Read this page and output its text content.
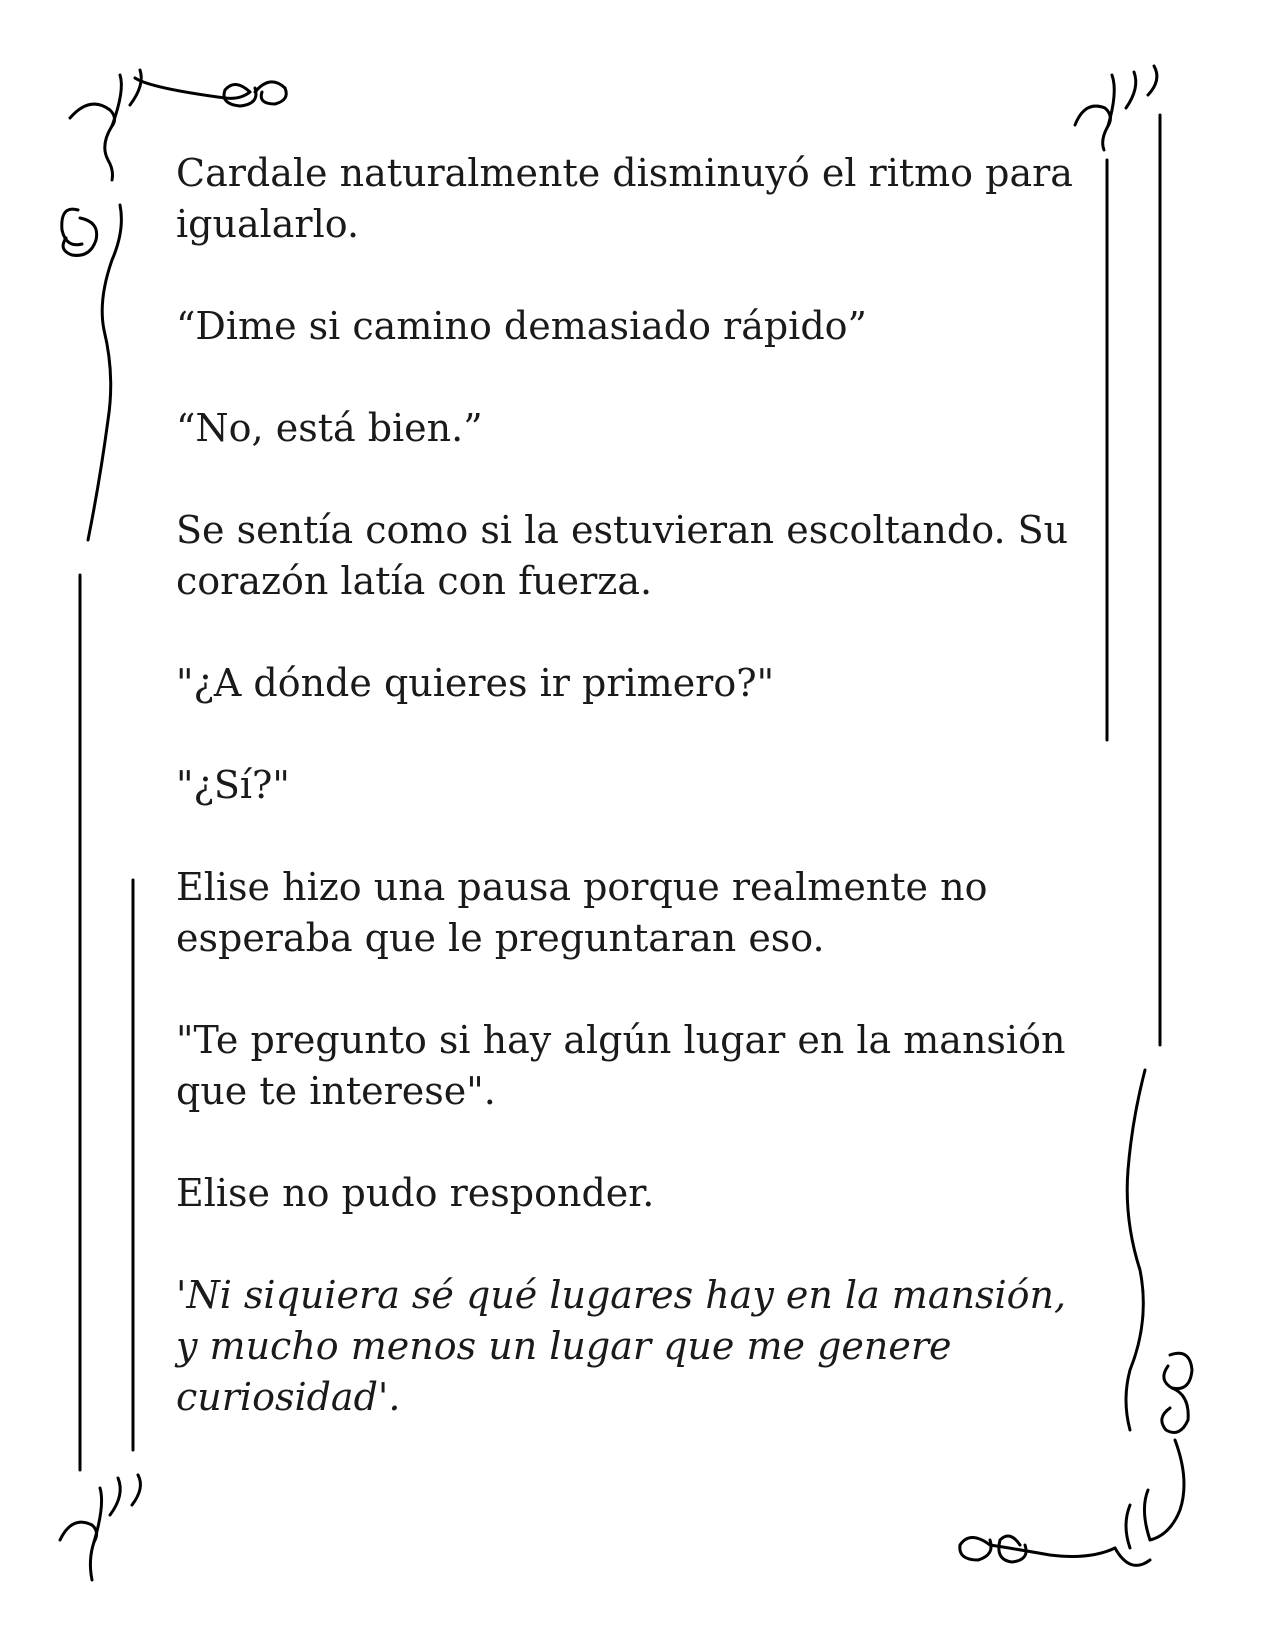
Cardale naturalmente disminuyó el ritmo para igualarlo.

“Dime si camino demasiado rápido”

“No, está bien.”

Se sentía como si la estuvieran escoltando. Su corazón latía con fuerza.

"¿A dónde quieres ir primero?"

"¿Sí?"

Elise hizo una pausa porque realmente no esperaba que le preguntaran eso.

"Te pregunto si hay algún lugar en la mansión que te interese".

Elise no pudo responder.

'Ni siquiera sé qué lugares hay en la mansión, y mucho menos un lugar que me genere curiosidad'.
